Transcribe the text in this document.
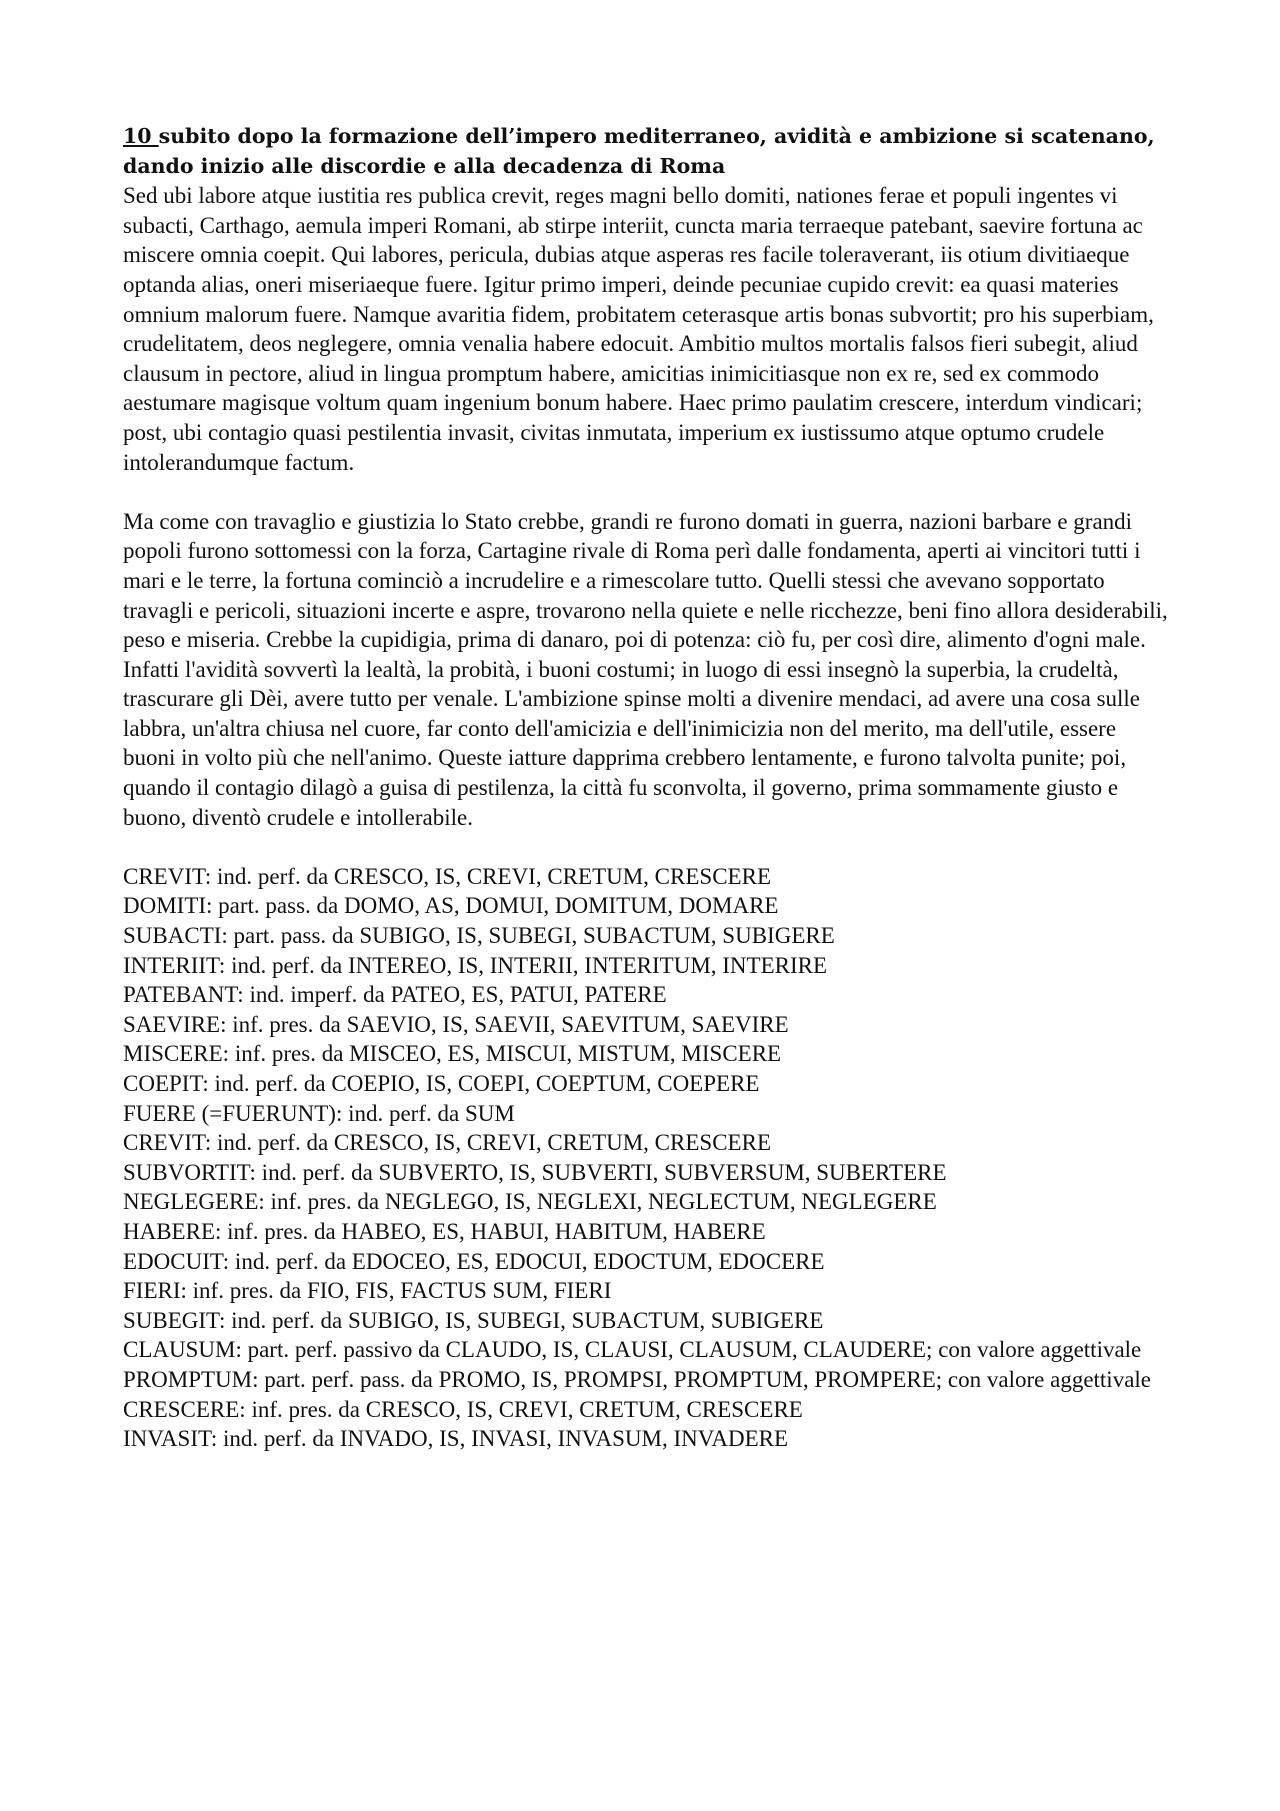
10 subito dopo la formazione dell’impero mediterraneo, avidità e ambizione si scatenano, dando inizio alle discordie e alla decadenza di Roma

Sed ubi labore atque iustitia res publica crevit, reges magni bello domiti, nationes ferae et populi ingentes vi subacti, Carthago, aemula imperi Romani, ab stirpe interiit, cuncta maria terraeque patebant, saevire fortuna ac miscere omnia coepit. Qui labores, pericula, dubias atque asperas res facile toleraverant, iis otium divitiaeque optanda alias, oneri miseriaeque fuere. Igitur primo imperi, deinde pecuniae cupido crevit: ea quasi materies omnium malorum fuere. Namque avaritia fidem, probitatem ceterasque artis bonas subvortit; pro his superbiam, crudelitatem, deos neglegere, omnia venalia habere edocuit. Ambitio multos mortalis falsos fieri subegit, aliud clausum in pectore, aliud in lingua promptum habere, amicitias inimicitiasque non ex re, sed ex commodo aestumare magisque voltum quam ingenium bonum habere. Haec primo paulatim crescere, interdum vindicari; post, ubi contagio quasi pestilentia invasit, civitas inmutata, imperium ex iustissumo atque optumo crudele intolerandumque factum.

Ma come con travaglio e giustizia lo Stato crebbe, grandi re furono domati in guerra, nazioni barbare e grandi popoli furono sottomessi con la forza, Cartagine rivale di Roma perì dalle fondamenta, aperti ai vincitori tutti i mari e le terre, la fortuna cominciò a incrudelire e a rimescolare tutto. Quelli stessi che avevano sopportato travagli e pericoli, situazioni incerte e aspre, trovarono nella quiete e nelle ricchezze, beni fino allora desiderabili, peso e miseria. Crebbe la cupidigia, prima di danaro, poi di potenza: ciò fu, per così dire, alimento d'ogni male. Infatti l'avidità sovvertì la lealtà, la probità, i buoni costumi; in luogo di essi insegnò la superbia, la crudeltà, trascurare gli Dèi, avere tutto per venale. L'ambizione spinse molti a divenire mendaci, ad avere una cosa sulle labbra, un'altra chiusa nel cuore, far conto dell'amicizia e dell'inimicizia non del merito, ma dell'utile, essere buoni in volto più che nell'animo. Queste iatture dapprima crebbero lentamente, e furono talvolta punite; poi, quando il contagio dilagò a guisa di pestilenza, la città fu sconvolta, il governo, prima sommamente giusto e buono, diventò crudele e intollerabile.

CREVIT: ind. perf. da CRESCO, IS, CREVI, CRETUM, CRESCERE
DOMITI: part. pass. da DOMO, AS, DOMUI, DOMITUM, DOMARE
SUBACTI: part. pass. da SUBIGO, IS, SUBEGI, SUBACTUM, SUBIGERE
INTERIIT: ind. perf. da INTEREO, IS, INTERII, INTERITUM, INTERIRE
PATEBANT: ind. imperf. da PATEO, ES, PATUI, PATERE
SAEVIRE: inf. pres. da SAEVIO, IS, SAEVII, SAEVITUM, SAEVIRE
MISCERE: inf. pres. da MISCEO, ES, MISCUI, MISTUM, MISCERE
COEPIT: ind. perf. da COEPIO, IS, COEPI, COEPTUM, COEPERE
FUERE (=FUERUNT): ind. perf. da SUM
CREVIT: ind. perf. da CRESCO, IS, CREVI, CRETUM, CRESCERE
SUBVORTIT: ind. perf. da SUBVERTO, IS, SUBVERTI, SUBVERSUM, SUBERTERE
NEGLEGERE: inf. pres. da NEGLEGO, IS, NEGLEXI, NEGLECTUM, NEGLEGERE
HABERE: inf. pres. da HABEO, ES, HABUI, HABITUM, HABERE
EDOCUIT: ind. perf. da EDOCEO, ES, EDOCUI, EDOCTUM, EDOCERE
FIERI: inf. pres. da FIO, FIS, FACTUS SUM, FIERI
SUBEGIT: ind. perf. da SUBIGO, IS, SUBEGI, SUBACTUM, SUBIGERE
CLAUSUM: part. perf. passivo da CLAUDO, IS, CLAUSI, CLAUSUM, CLAUDERE; con valore aggettivale
PROMPTUM: part. perf. pass. da PROMO, IS, PROMPSI, PROMPTUM, PROMPERE; con valore aggettivale
CRESCERE: inf. pres. da CRESCO, IS, CREVI, CRETUM, CRESCERE
INVASIT: ind. perf. da INVADO, IS, INVASI, INVASUM, INVADERE
